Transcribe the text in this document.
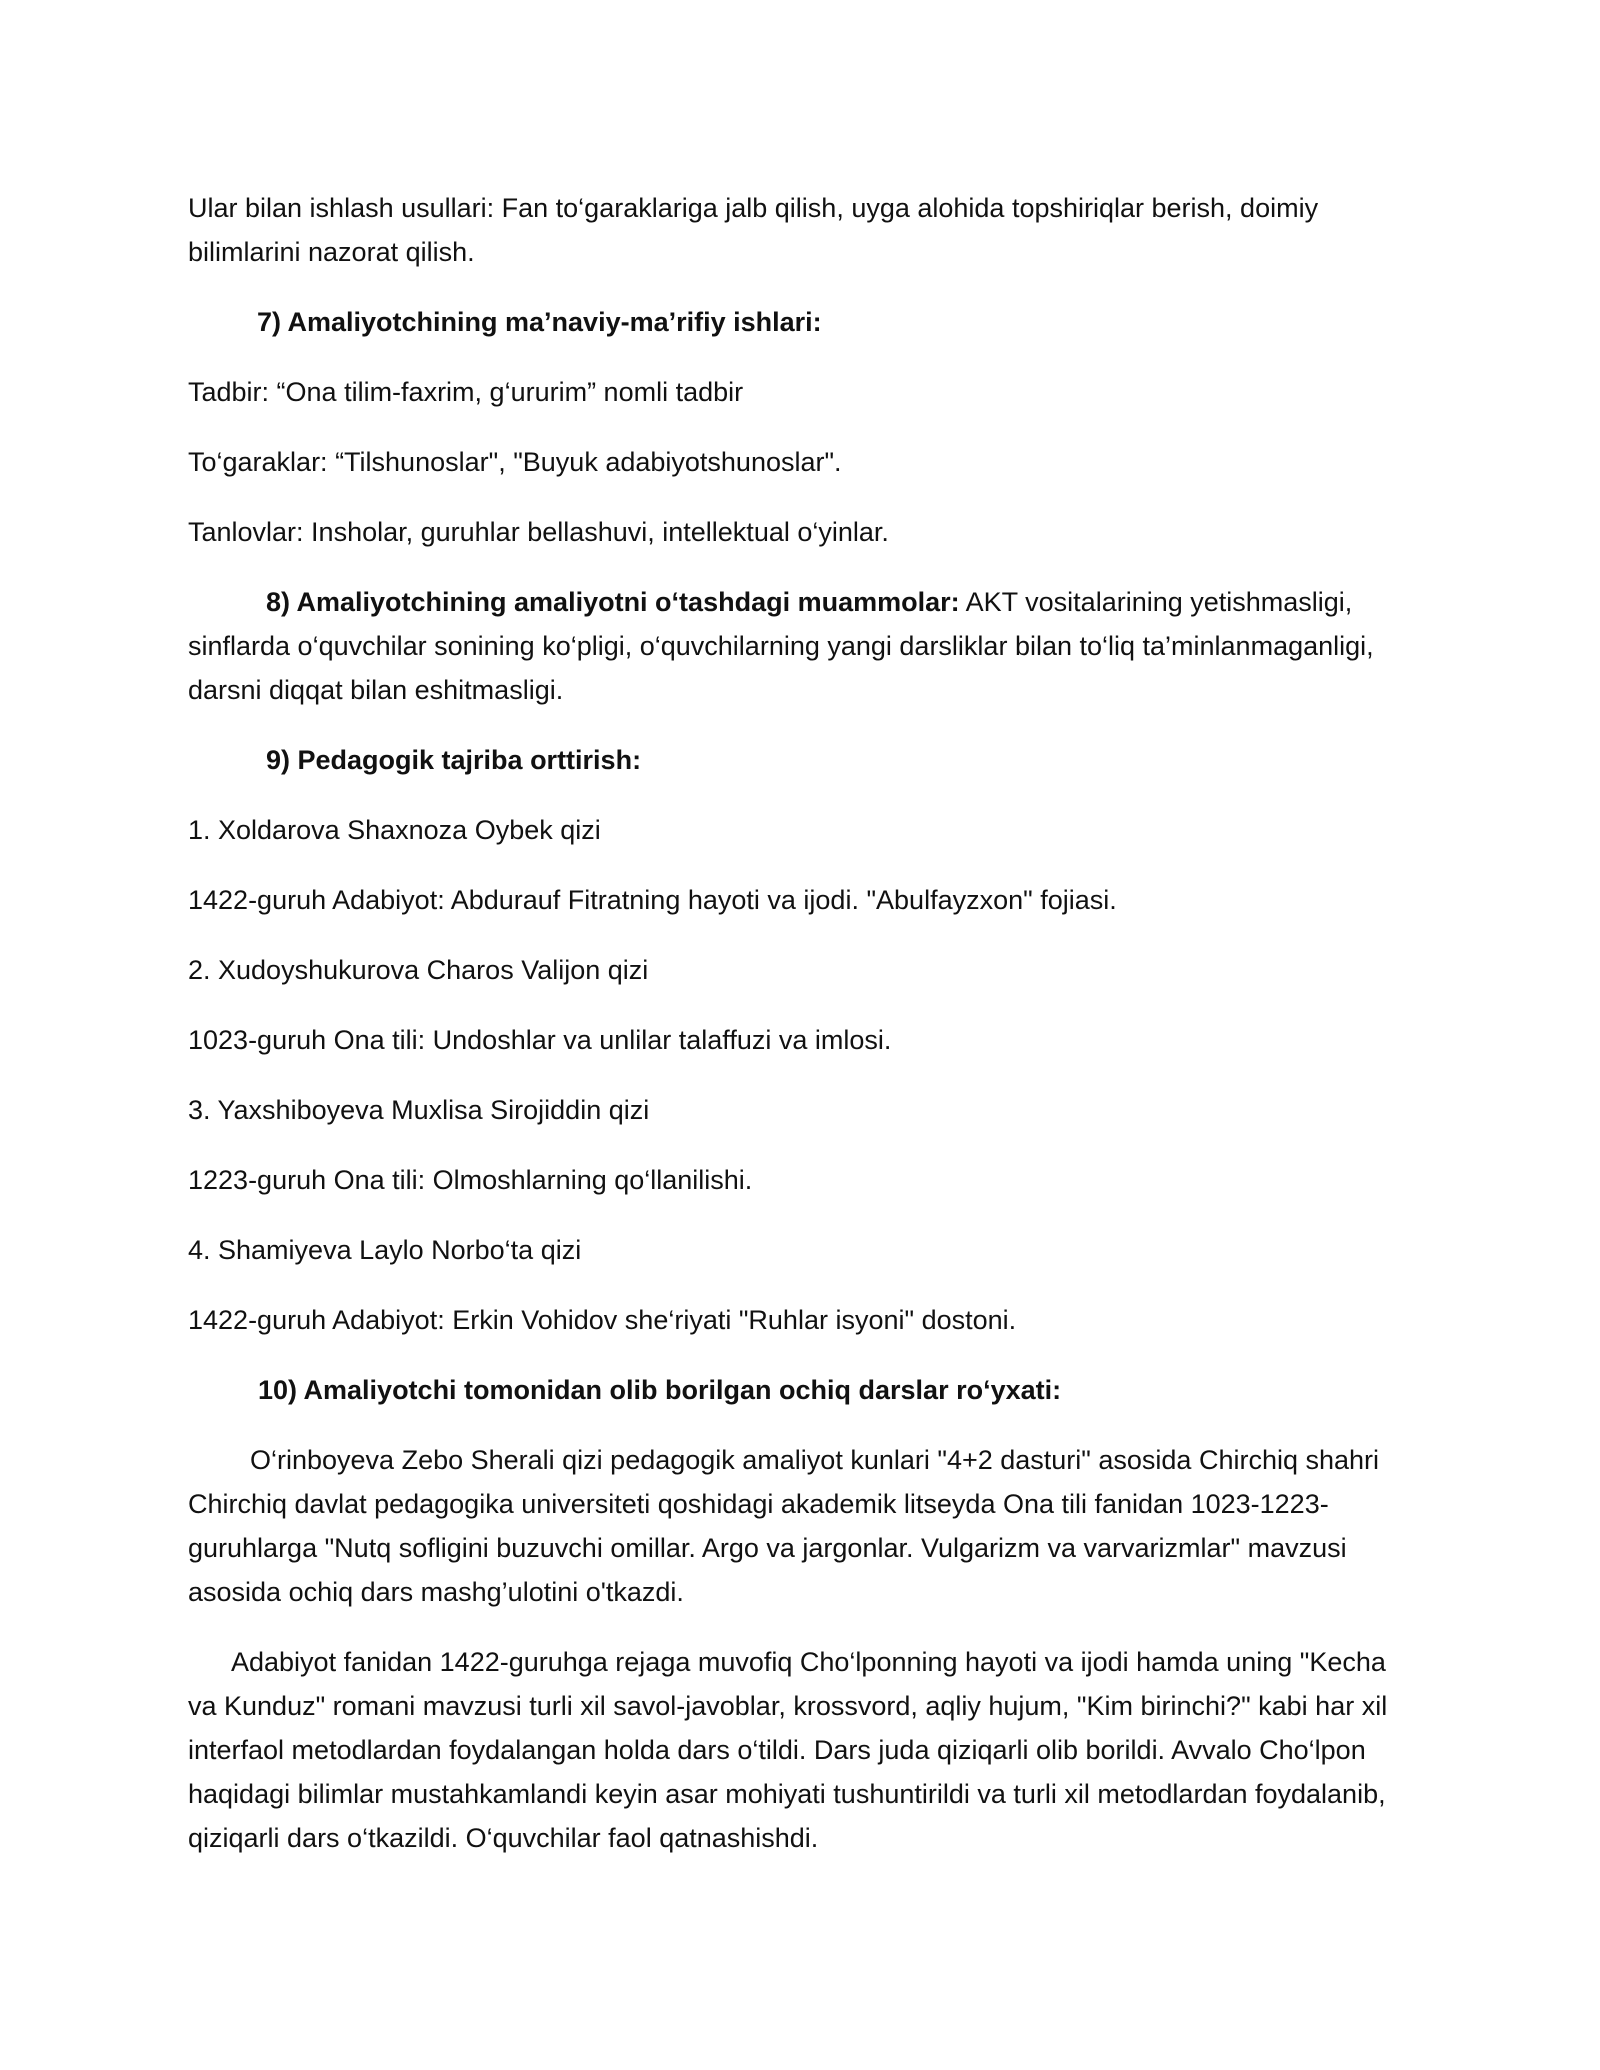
Ular bilan ishlash usullari: Fan to‘garaklariga jalb qilish, uyga alohida topshiriqlar berish, doimiy bilimlarini nazorat qilish.

7) Amaliyotchining ma’naviy-ma’rifiy ishlari:

Tadbir: “Ona tilim-faxrim, g‘ururim” nomli tadbir

To‘garaklar: “Tilshunoslar", "Buyuk adabiyotshunoslar".

Tanlovlar: Insholar, guruhlar bellashuvi, intellektual o‘yinlar.

8) Amaliyotchining amaliyotni o‘tashdagi muammolar: AKT vositalarining yetishmasligi, sinflarda o‘quvchilar sonining ko‘pligi, o‘quvchilarning yangi darsliklar bilan to‘liq ta’minlanmaganligi, darsni diqqat bilan eshitmasligi.

9) Pedagogik tajriba orttirish:

1. Xoldarova Shaxnoza Oybek qizi

1422-guruh Adabiyot: Abdurauf Fitratning hayoti va ijodi. "Abulfayzxon" fojiasi.

2. Xudoyshukurova Charos Valijon qizi

1023-guruh Ona tili: Undoshlar va unlilar talaffuzi va imlosi.

3. Yaxshiboyeva Muxlisa Sirojiddin qizi

1223-guruh Ona tili: Olmoshlarning qo‘llanilishi.

4. Shamiyeva Laylo Norbo‘ta qizi

1422-guruh Adabiyot: Erkin Vohidov she‘riyati "Ruhlar isyoni" dostoni.

10) Amaliyotchi tomonidan olib borilgan ochiq darslar ro‘yxati:

O‘rinboyeva Zebo Sherali qizi pedagogik amaliyot kunlari "4+2 dasturi" asosida Chirchiq shahri Chirchiq davlat pedagogika universiteti qoshidagi akademik litseyda Ona tili fanidan 1023-1223-guruhlarga "Nutq sofligini buzuvchi omillar. Argo va jargonlar. Vulgarizm va varvarizmlar" mavzusi asosida ochiq dars mashg’ulotini o'tkazdi.

Adabiyot fanidan 1422-guruhga rejaga muvofiq Cho‘lponning hayoti va ijodi hamda uning "Kecha va Kunduz" romani mavzusi turli xil savol-javoblar, krossvord, aqliy hujum, "Kim birinchi?" kabi har xil interfaol metodlardan foydalangan holda dars o‘tildi. Dars juda qiziqarli olib borildi. Avvalo Cho‘lpon haqidagi bilimlar mustahkamlandi keyin asar mohiyati tushuntirildi va turli xil metodlardan foydalanib, qiziqarli dars o‘tkazildi. O‘quvchilar faol qatnashishdi.
